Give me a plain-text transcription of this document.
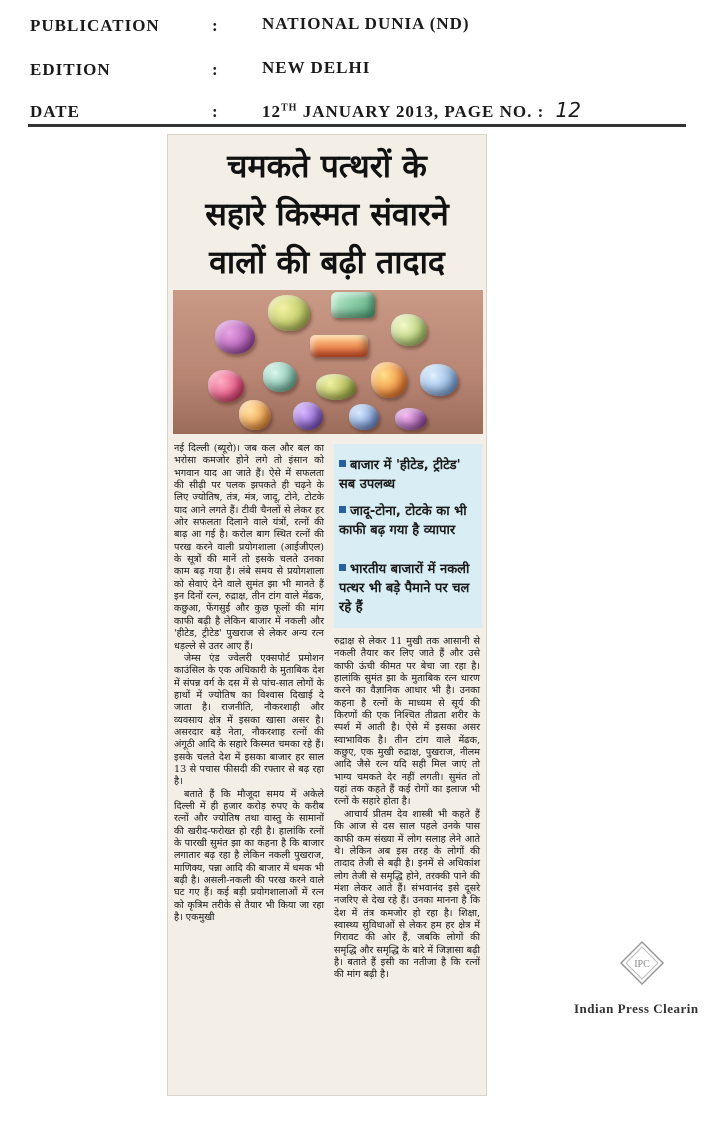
PUBLICATION	:	NATIONAL DUNIA (ND)
EDITION	:	NEW DELHI
DATE	:	12TH JANUARY 2013, PAGE NO. : 12
चमकते पत्थरों के
सहारे किस्मत संवारने
वालों की बढ़ी तादाद
बाजार में 'हीटेड, ट्रीटेड' सब उपलब्ध
जादू-टोना, टोटके का भी काफी बढ़ गया है व्यापार
भारतीय बाजारों में नकली पत्थर भी बड़े पैमाने पर चल रहे हैं

नई दिल्ली (ब्यूरो)। जब कल और बल का भरोसा कमजोर होने लगे तो इंसान को भगवान याद आ जाते हैं। ऐसे में सफलता की सीढ़ी पर पलक झपकते ही चढ़ने के लिए ज्योतिष, तंत्र, मंत्र, जादू, टोने, टोटके याद आने लगते हैं। टीवी चैनलों से लेकर हर ओर सफलता दिलाने वाले यंत्रों, रत्नों की बाढ़ आ गई है। करोल बाग स्थित रत्नों की परख करने वाली प्रयोगशाला (आईजीएल) के सूत्रों की मानें तो इसके चलते उनका काम बढ़ गया है। लंबे समय से प्रयोगशाला को सेवाएं देने वाले सुमंत झा भी मानते हैं इन दिनों रत्न, रुद्राक्ष, तीन टांग वाले मेंढक, कछुआ, फेंगसुई और कुछ फूलों की मांग काफी बढ़ी है लेकिन बाजार में नकली और 'हीटेड, ट्रीटेड' पुखराज से लेकर अन्य रत्न धड़ल्ले से उतर आए हैं।

जेम्स एंड ज्वेलरी एक्सपोर्ट प्रमोशन काउंसिल के एक अधिकारी के मुताबिक देश में संपन्न वर्ग के दस में से पांच-सात लोगों के हाथों में ज्योतिष का विश्वास दिखाई दे जाता है। राजनीति, नौकरशाही और व्यवसाय क्षेत्र में इसका खासा असर है। असरदार बड़े नेता, नौकरशाह रत्नों की अंगूठी आदि के सहारे किस्मत चमका रहे हैं। इसके चलते देश में इसका बाजार हर साल 13 से पचास फीसदी की रफ्तार से बढ़ रहा है।

बताते हैं कि मौजूदा समय में अकेले दिल्ली में ही हजार करोड़ रुपए के करीब रत्नों और ज्योतिष तथा वास्तु के सामानों की खरीद-फरोख्त हो रही है। हालांकि रत्नों के पारखी सुमंत झा का कहना है कि बाजार लगातार बढ़ रहा है लेकिन नकली पुखराज, माणिक्य, पन्ना आदि की बाजार में धमक भी बढ़ी है। असली-नकली की परख करने वाले घट गए हैं। कई बड़ी प्रयोगशालाओं में रत्न को कृत्रिम तरीके से तैयार भी किया जा रहा है। एकमुखी

रुद्राक्ष से लेकर 11 मुखी तक आसानी से नकली तैयार कर लिए जाते हैं और उसे काफी ऊंची कीमत पर बेचा जा रहा है। हालांकि सुमंत झा के मुताबिक रत्न धारण करने का वैज्ञानिक आधार भी है। उनका कहना है रत्नों के माध्यम से सूर्य की किरणों की एक निश्चित तीव्रता शरीर के स्पर्श में आती है। ऐसे में इसका असर स्वाभाविक है। तीन टांग वाले मेंढक, कछुए, एक मुखी रुद्राक्ष, पुखराज, नीलम आदि जैसे रत्न यदि सही मिल जाएं तो भाग्य चमकते देर नहीं लगती। सुमंत तो यहां तक कहते हैं कई रोगों का इलाज भी रत्नों के सहारे होता है।

आचार्य प्रीतम देव शास्त्री भी कहते हैं कि आज से दस साल पहले उनके पास काफी कम संख्या में लोग सलाह लेने आते थे। लेकिन अब इस तरह के लोगों की तादाद तेजी से बढ़ी है। इनमें से अधिकांश लोग तेजी से समृद्धि होने, तरक्की पाने की मंशा लेकर आते हैं। संभवानंद इसे दूसरे नजरिए से देख रहे हैं। उनका मानना है कि देश में तंत्र कमजोर हो रहा है। शिक्षा, स्वास्थ्य सुविधाओं से लेकर हम हर क्षेत्र में गिरावट की ओर हैं, जबकि लोगों की समृद्धि और समृद्धि के बारे में जिज्ञासा बढ़ी है। बताते हैं इसी का नतीजा है कि रत्नों की मांग बढ़ी है।

IPC
Indian Press Clearin
